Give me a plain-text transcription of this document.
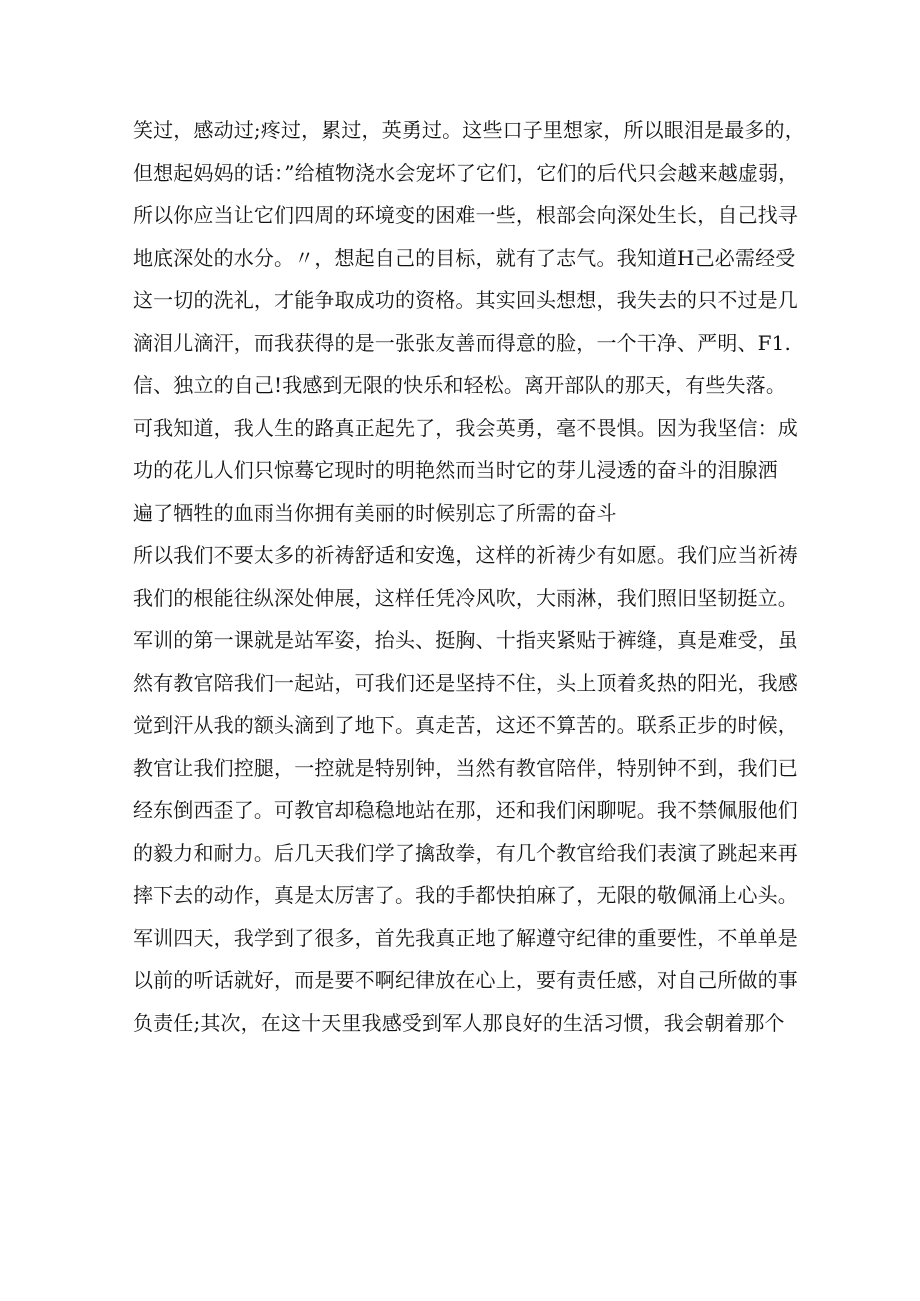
笑过，感动过;疼过，累过，英勇过。这些口子里想家，所以眼泪是最多的，
但想起妈妈的话：”给植物浇水会宠坏了它们，它们的后代只会越来越虚弱，
所以你应当让它们四周的环境变的困难一些，根部会向深处生长，自己找寻
地底深处的水分。〃，想起自己的目标，就有了志气。我知道H己必需经受
这一切的洗礼，才能争取成功的资格。其实回头想想，我失去的只不过是几
滴泪儿滴汗，而我获得的是一张张友善而得意的脸，一个干净、严明、F1.
信、独立的自己!我感到无限的快乐和轻松。离开部队的那天，有些失落。
可我知道，我人生的路真正起先了，我会英勇，毫不畏惧。因为我坚信：成
功的花儿人们只惊蓦它现时的明艳然而当时它的芽儿浸透的奋斗的泪腺洒
遍了牺牲的血雨当你拥有美丽的时候别忘了所需的奋斗
所以我们不要太多的祈祷舒适和安逸，这样的祈祷少有如愿。我们应当祈祷
我们的根能往纵深处伸展，这样任凭冷风吹，大雨淋，我们照旧坚韧挺立。
军训的第一课就是站军姿，抬头、挺胸、十指夹紧贴于裤缝，真是难受，虽
然有教官陪我们一起站，可我们还是坚持不住，头上顶着炙热的阳光，我感
觉到汗从我的额头滴到了地下。真走苦，这还不算苦的。联系正步的时候，
教官让我们控腿，一控就是特别钟，当然有教官陪伴，特别钟不到，我们已
经东倒西歪了。可教官却稳稳地站在那，还和我们闲聊呢。我不禁佩服他们
的毅力和耐力。后几天我们学了擒敌拳，有几个教官给我们表演了跳起来再
摔下去的动作，真是太厉害了。我的手都快拍麻了，无限的敬佩涌上心头。
军训四天，我学到了很多，首先我真正地了解遵守纪律的重要性，不单单是
以前的听话就好，而是要不啊纪律放在心上，要有责任感，对自己所做的事
负责任;其次，在这十天里我感受到军人那良好的生活习惯，我会朝着那个
